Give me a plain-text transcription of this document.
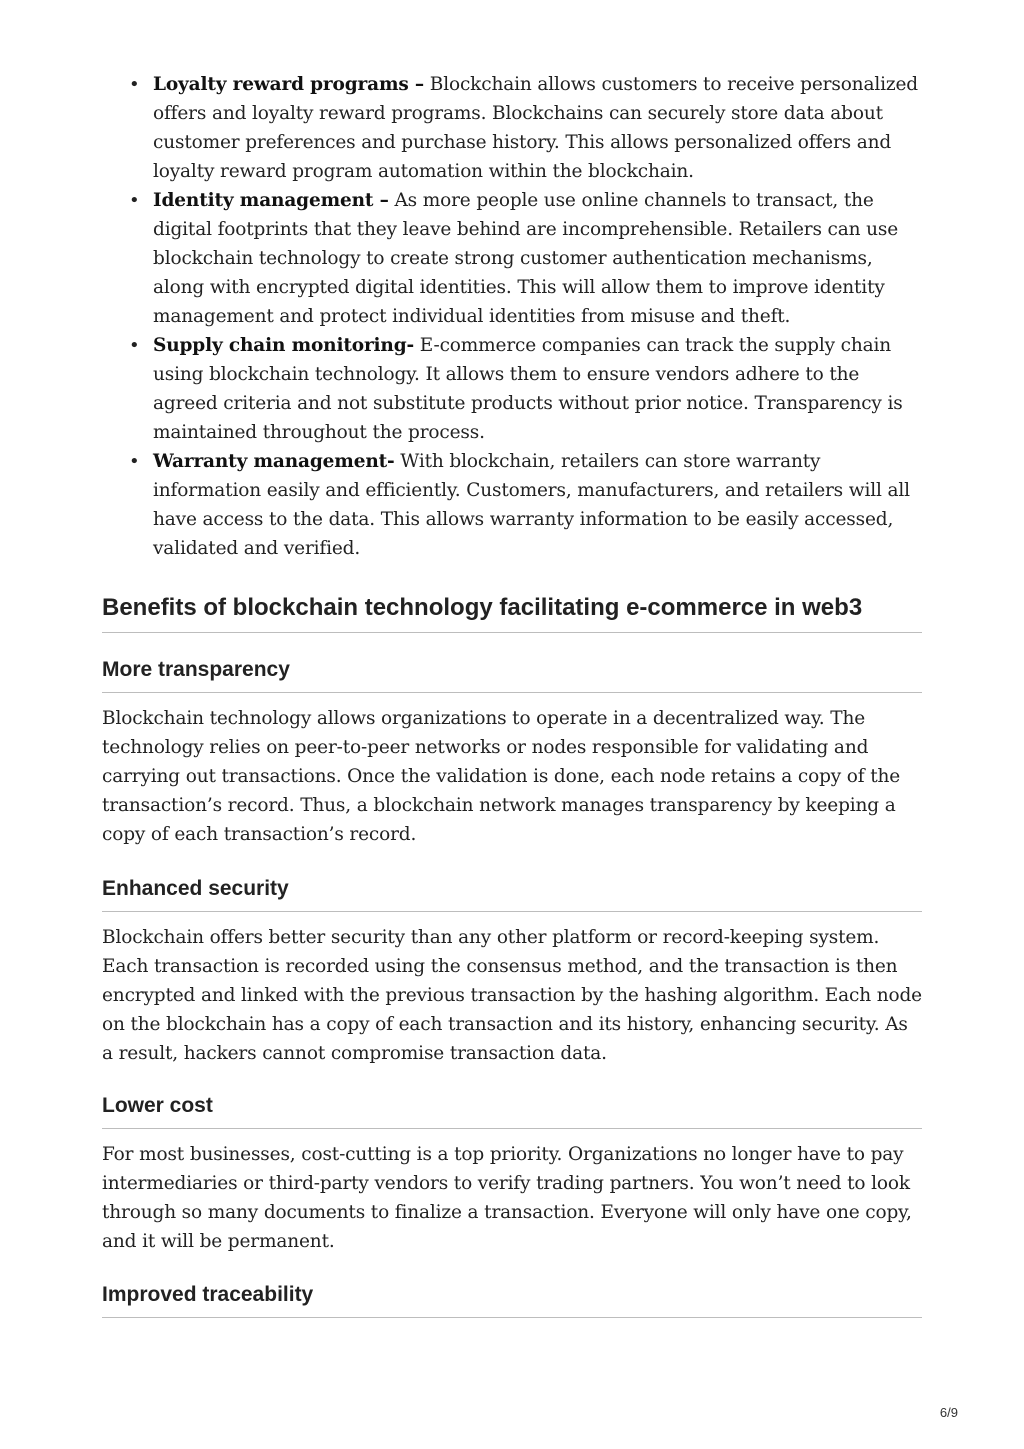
• Loyalty reward programs – Blockchain allows customers to receive personalized offers and loyalty reward programs. Blockchains can securely store data about customer preferences and purchase history. This allows personalized offers and loyalty reward program automation within the blockchain.
• Identity management – As more people use online channels to transact, the digital footprints that they leave behind are incomprehensible. Retailers can use blockchain technology to create strong customer authentication mechanisms, along with encrypted digital identities. This will allow them to improve identity management and protect individual identities from misuse and theft.
• Supply chain monitoring- E-commerce companies can track the supply chain using blockchain technology. It allows them to ensure vendors adhere to the agreed criteria and not substitute products without prior notice. Transparency is maintained throughout the process.
• Warranty management- With blockchain, retailers can store warranty information easily and efficiently. Customers, manufacturers, and retailers will all have access to the data. This allows warranty information to be easily accessed, validated and verified.
Benefits of blockchain technology facilitating e-commerce in web3
More transparency

Blockchain technology allows organizations to operate in a decentralized way. The technology relies on peer-to-peer networks or nodes responsible for validating and carrying out transactions. Once the validation is done, each node retains a copy of the transaction’s record. Thus, a blockchain network manages transparency by keeping a copy of each transaction’s record.

Enhanced security

Blockchain offers better security than any other platform or record-keeping system. Each transaction is recorded using the consensus method, and the transaction is then encrypted and linked with the previous transaction by the hashing algorithm. Each node on the blockchain has a copy of each transaction and its history, enhancing security. As a result, hackers cannot compromise transaction data.

Lower cost

For most businesses, cost-cutting is a top priority. Organizations no longer have to pay intermediaries or third-party vendors to verify trading partners. You won’t need to look through so many documents to finalize a transaction. Everyone will only have one copy, and it will be permanent.

Improved traceability
6/9
